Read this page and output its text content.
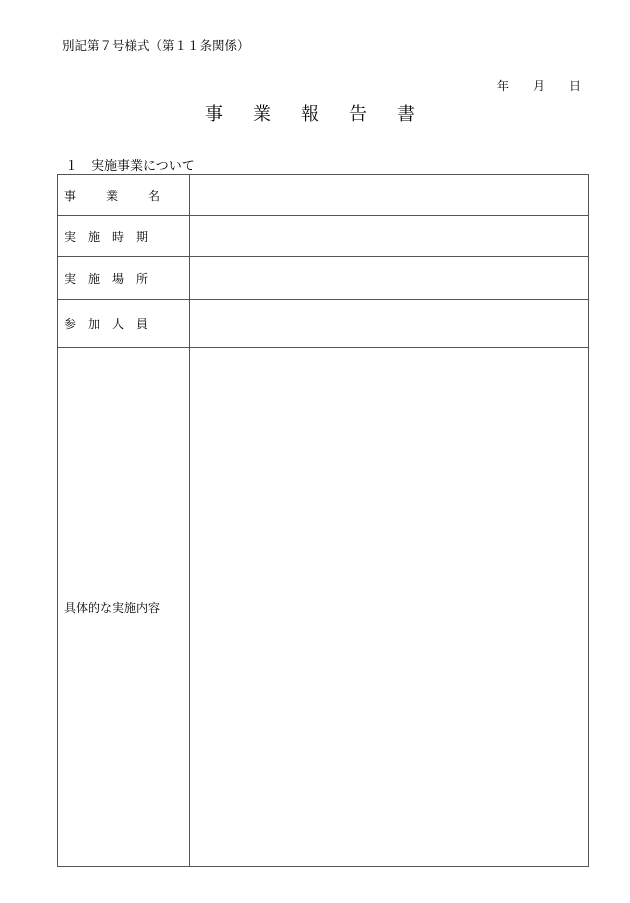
別記第７号様式（第１１条関係）
年　　月　　日
事業報告書
１　実施事業について
事業名	
実施時期	
実施場所	
参加人員	
具体的な実施内容	
